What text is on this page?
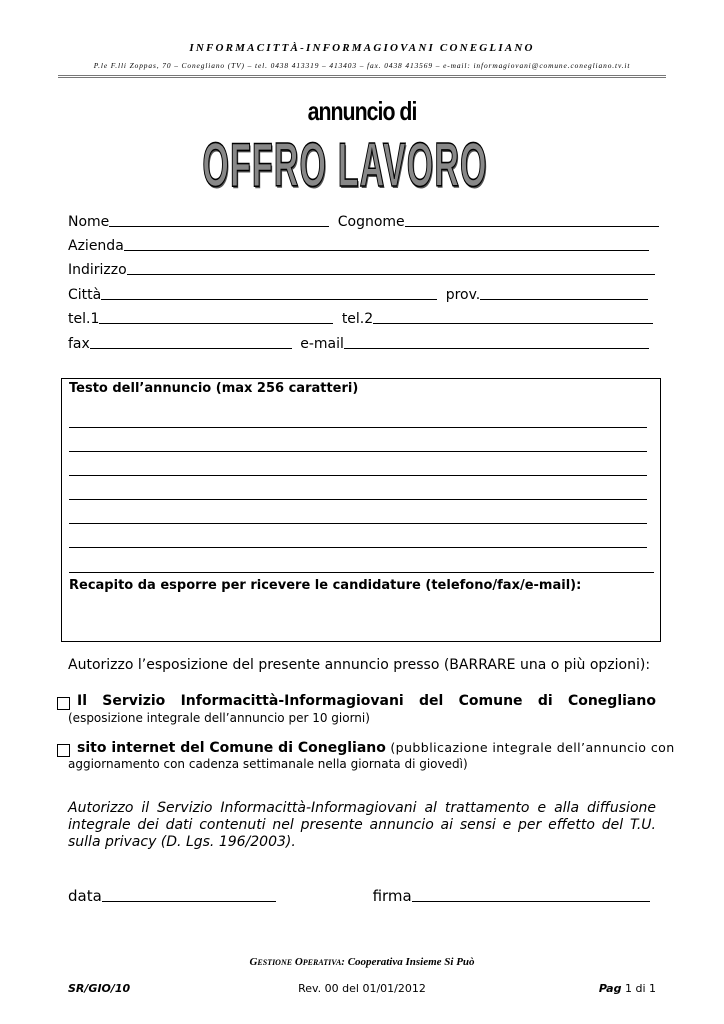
INFORMACITTÀ-INFORMAGIOVANI CONEGLIANO
P.le F.lli Zoppas, 70 – Conegliano (TV) – tel. 0438 413319 – 413403 – fax. 0438 413569 – e-mail: informagiovani@comune.conegliano.tv.it
annuncio di
OFFRO LAVORO
Nome	Cognome
Azienda
Indirizzo
Città	prov.
tel.1	tel.2
fax	e-mail
Testo dell’annuncio (max 256 caratteri)
Recapito da esporre per ricevere le candidature (telefono/fax/e-mail):
Autorizzo l’esposizione del presente annuncio presso (BARRARE una o più opzioni):
Il Servizio Informacittà-Informagiovani del Comune di Conegliano
(esposizione integrale dell’annuncio per 10 giorni)
sito internet del Comune di Conegliano (pubblicazione integrale dell’annuncio con
aggiornamento con cadenza settimanale nella giornata di giovedì)
Autorizzo il Servizio Informacittà-Informagiovani al trattamento e alla diffusione integrale dei dati contenuti nel presente annuncio ai sensi e per effetto del T.U. sulla privacy (D. Lgs. 196/2003).
data	firma
Gestione Operativa: Cooperativa Insieme Si Può
SR/GIO/10	Rev. 00 del 01/01/2012	Pag 1 di 1
